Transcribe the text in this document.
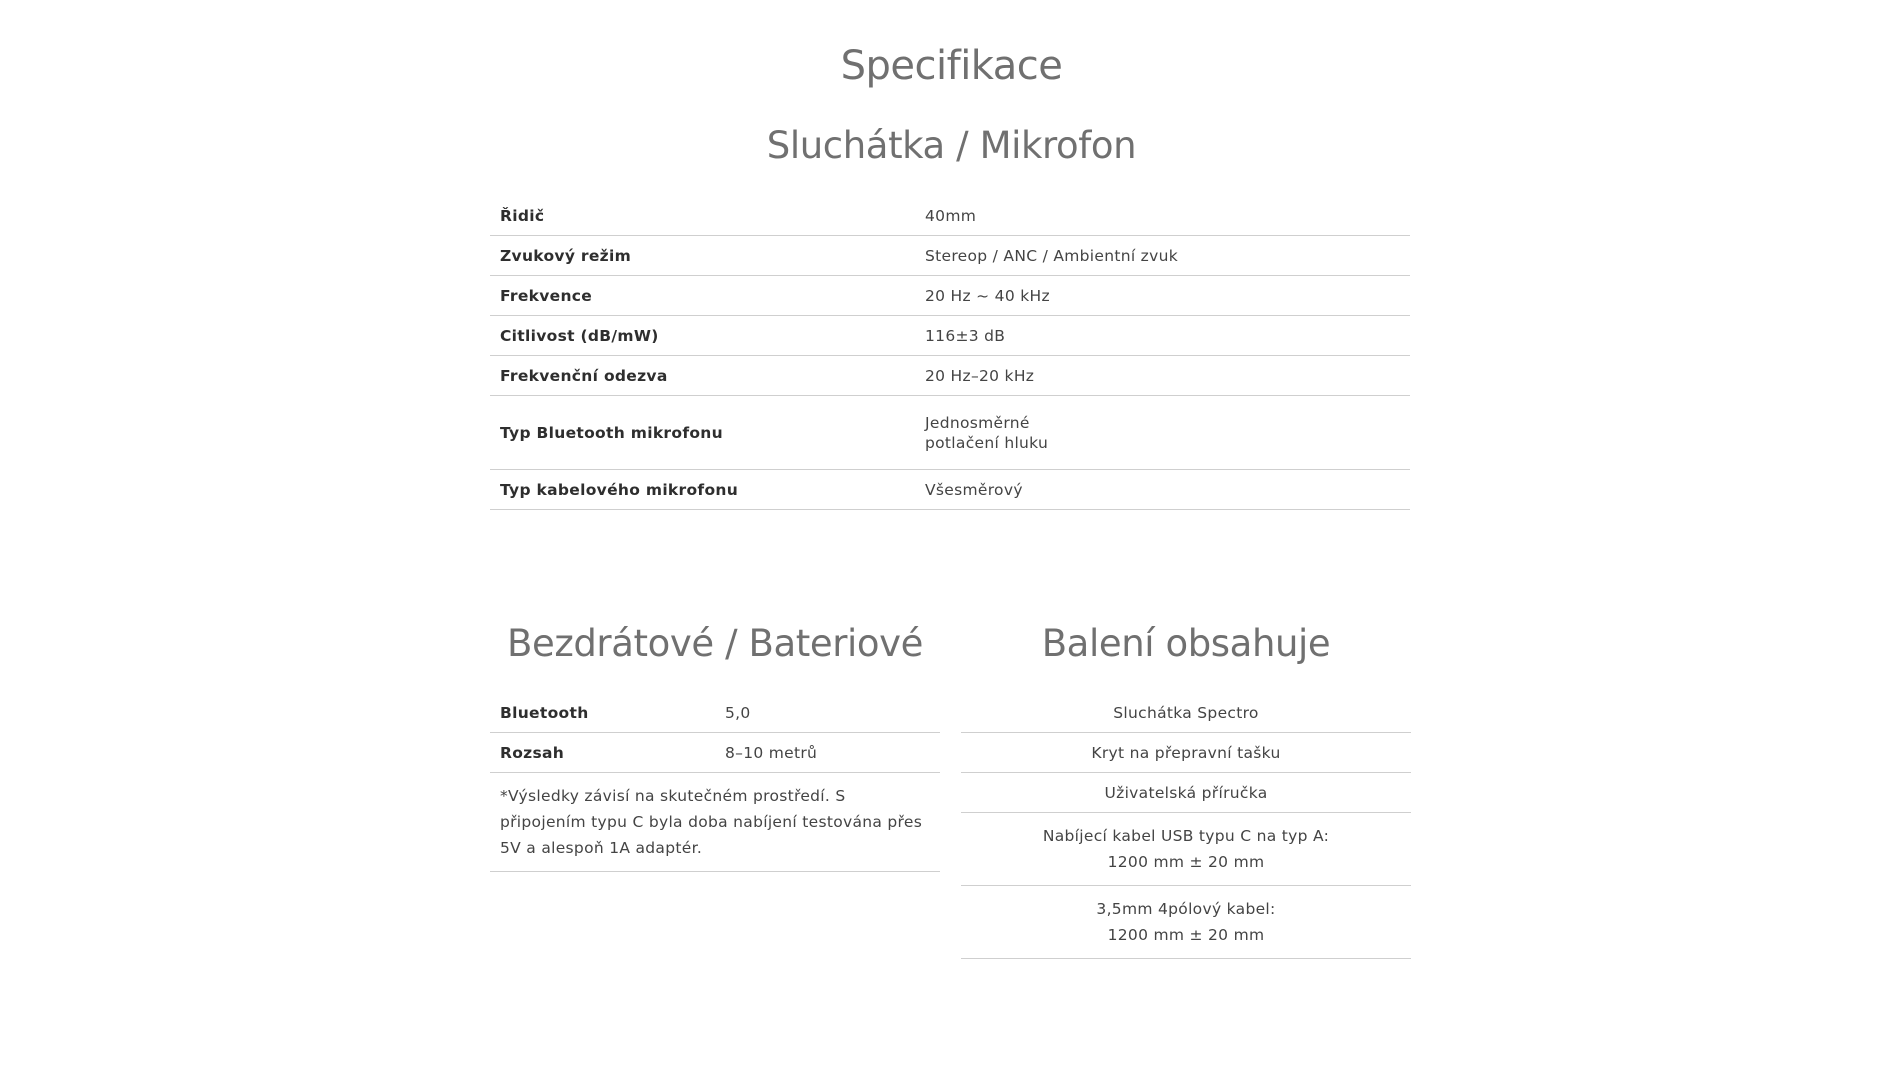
Specifikace
Sluchátka / Mikrofon
Řidič	40mm
Zvukový režim	Stereop / ANC / Ambientní zvuk
Frekvence	20 Hz ~ 40 kHz
Citlivost (dB/mW)	116±3 dB
Frekvenční odezva	20 Hz–20 kHz
Typ Bluetooth mikrofonu	Jednosměrné
potlačení hluku

Typ kabelového mikrofonu	Všesměrový
Bezdrátové / Bateriové	Balení obsahuje
Bluetooth	5,0
Rozsah	8–10 metrů
*Výsledky závisí na skutečném prostředí. S připojením typu C byla doba nabíjení testována přes 5V a alespoň 1A adaptér.	
Sluchátka Spectro
Kryt na přepravní tašku
Uživatelská příručka

Nabíjecí kabel USB typu C na typ A:
1200 mm ± 20 mm

3,5mm 4pólový kabel:
1200 mm ± 20 mm
